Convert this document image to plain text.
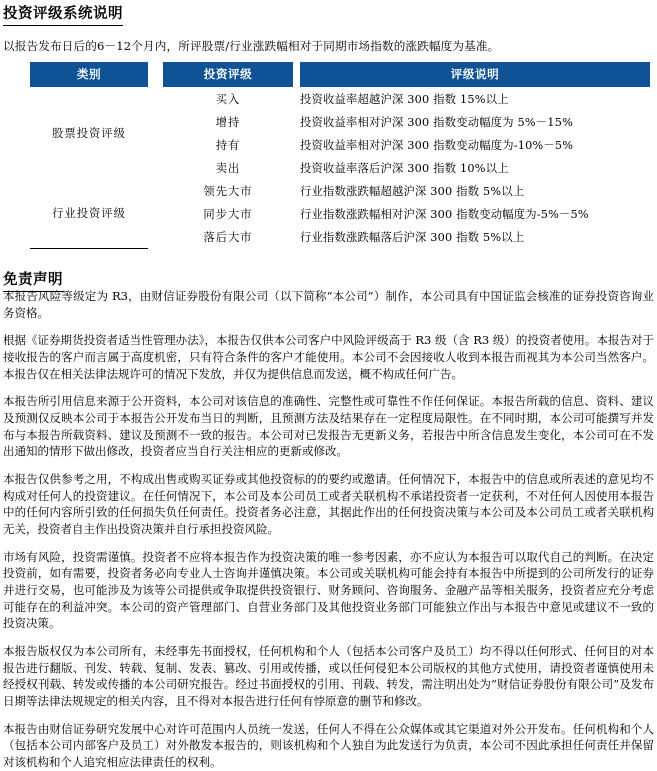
投资评级系统说明
以报告发布日后的6－12个月内，所评股票/行业涨跌幅相对于同期市场指数的涨跌幅度为基准。
类别		投资评级		评级说明
股票投资评级		买入		投资收益率超越沪深 300 指数 15%以上
		增持		投资收益率相对沪深 300 指数变动幅度为 5%－15%
		持有		投资收益率相对沪深 300 指数变动幅度为-10%－5%
		卖出		投资收益率落后沪深 300 指数 10%以上
行业投资评级		领先大市		行业指数涨跌幅超越沪深 300 指数 5%以上
		同步大市		行业指数涨跌幅相对沪深 300 指数变动幅度为-5%－5%
		落后大市		行业指数涨跌幅落后沪深 300 指数 5%以上
免责声明

本报告风险等级定为 R3，由财信证券股份有限公司（以下简称“本公司”）制作，本公司具有中国证监会核准的证券投资咨询业务资格。

根据《证券期货投资者适当性管理办法》，本报告仅供本公司客户中风险评级高于 R3 级（含 R3 级）的投资者使用。本报告对于接收报告的客户而言属于高度机密，只有符合条件的客户才能使用。本公司不会因接收人收到本报告而视其为本公司当然客户。本报告仅在相关法律法规许可的情况下发放，并仅为提供信息而发送，概不构成任何广告。

本报告所引用信息来源于公开资料，本公司对该信息的准确性、完整性或可靠性不作任何保证。本报告所载的信息、资料、建议及预测仅反映本公司于本报告公开发布当日的判断，且预测方法及结果存在一定程度局限性。在不同时期，本公司可能撰写并发布与本报告所载资料、建议及预测不一致的报告。本公司对已发报告无更新义务，若报告中所含信息发生变化，本公司可在不发出通知的情形下做出修改，投资者应当自行关注相应的更新或修改。

本报告仅供参考之用，不构成出售或购买证券或其他投资标的的要约或邀请。任何情况下，本报告中的信息或所表述的意见均不构成对任何人的投资建议。在任何情况下，本公司及本公司员工或者关联机构不承诺投资者一定获利，不对任何人因使用本报告中的任何内容所引致的任何损失负任何责任。投资者务必注意，其据此作出的任何投资决策与本公司及本公司员工或者关联机构无关，投资者自主作出投资决策并自行承担投资风险。

市场有风险，投资需谨慎。投资者不应将本报告作为投资决策的唯一参考因素，亦不应认为本报告可以取代自己的判断。在决定投资前，如有需要，投资者务必向专业人士咨询并谨慎决策。本公司或关联机构可能会持有本报告中所提到的公司所发行的证券并进行交易，也可能涉及为该等公司提供或争取提供投资银行、财务顾问、咨询服务、金融产品等相关服务，投资者应充分考虑可能存在的利益冲突。本公司的资产管理部门、自营业务部门及其他投资业务部门可能独立作出与本报告中意见或建议不一致的投资决策。

本报告版权仅为本公司所有，未经事先书面授权，任何机构和个人（包括本公司客户及员工）均不得以任何形式、任何目的对本报告进行翻版、刊发、转载、复制、发表、篡改、引用或传播，或以任何侵犯本公司版权的其他方式使用，请投资者谨慎使用未经授权刊载、转发或传播的本公司研究报告。经过书面授权的引用、刊载、转发，需注明出处为“财信证券股份有限公司”及发布日期等法律法规规定的相关内容，且不得对本报告进行任何有悖原意的删节和修改。

本报告由财信证券研究发展中心对许可范围内人员统一发送，任何人不得在公众媒体或其它渠道对外公开发布。任何机构和个人（包括本公司内部客户及员工）对外散发本报告的，则该机构和个人独自为此发送行为负责，本公司不因此承担任何责任并保留对该机构和个人追究相应法律责任的权利。
